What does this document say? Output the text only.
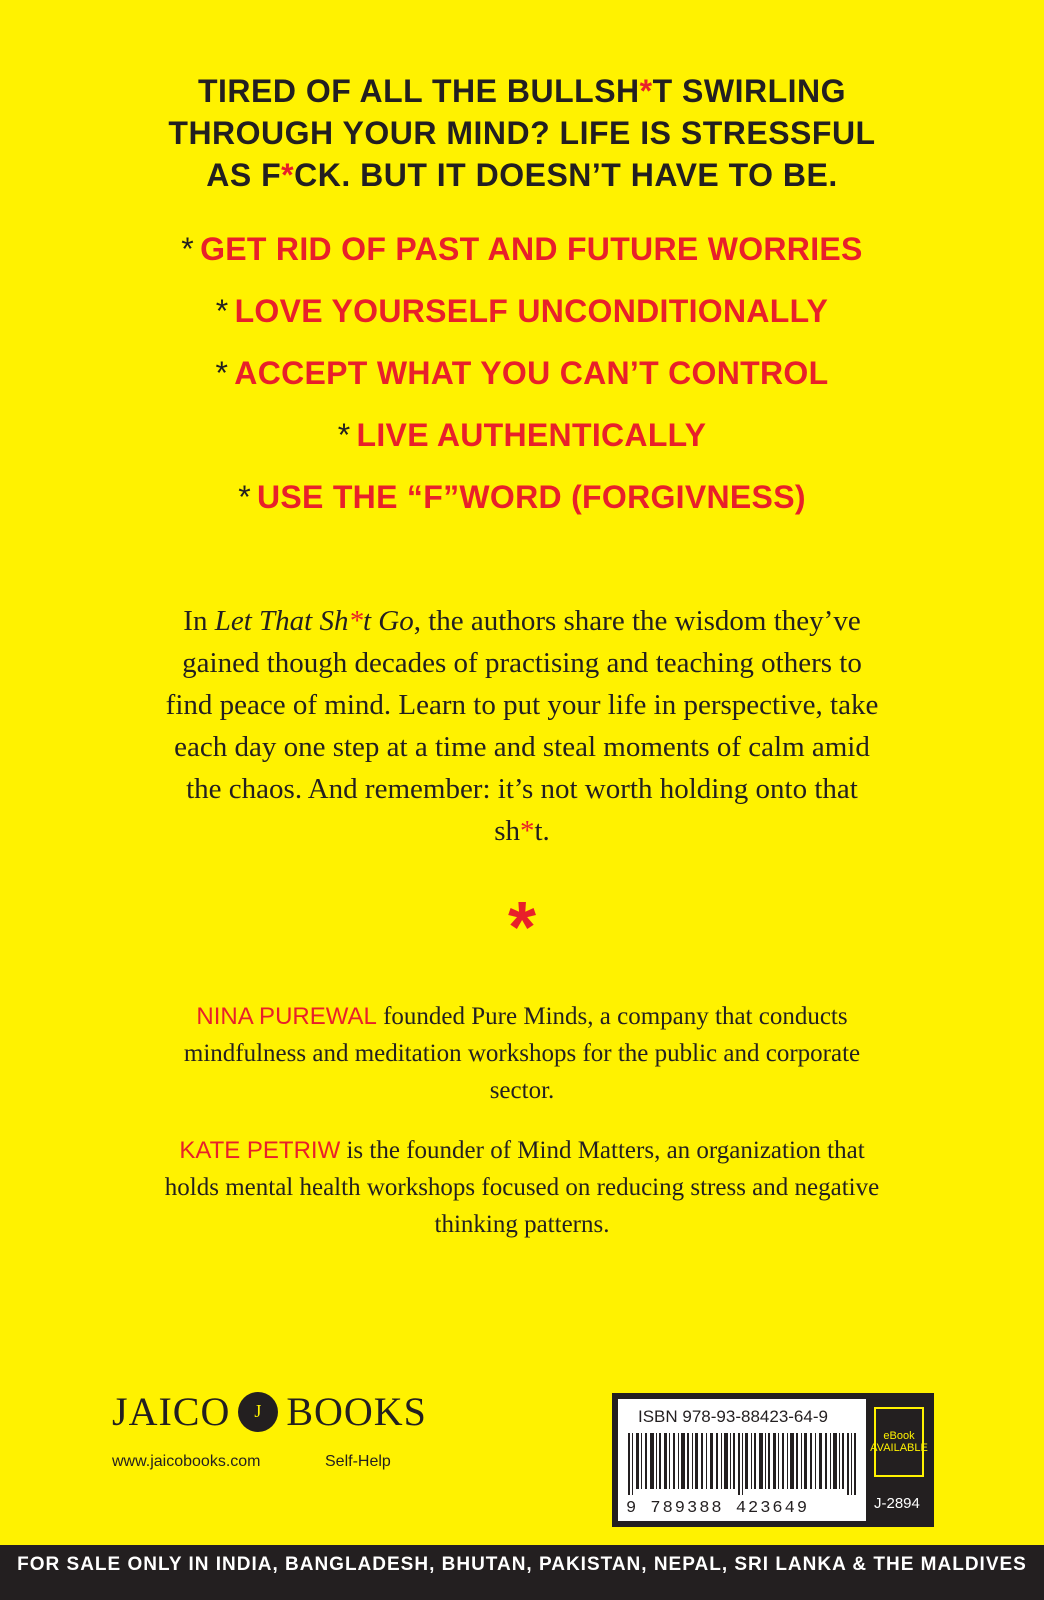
TIRED OF ALL THE BULLSH*T SWIRLING
THROUGH YOUR MIND? LIFE IS STRESSFUL
AS F*CK. BUT IT DOESN’T HAVE TO BE.
* GET RID OF PAST AND FUTURE WORRIES
* LOVE YOURSELF UNCONDITIONALLY
* ACCEPT WHAT YOU CAN’T CONTROL
* LIVE AUTHENTICALLY
* USE THE “F”WORD (FORGIVNESS)
In Let That Sh*t Go, the authors share the wisdom they’ve gained though decades of practising and teaching others to find peace of mind. Learn to put your life in perspective, take each day one step at a time and steal moments of calm amid the chaos. And remember: it’s not worth holding onto that sh*t.
*
NINA PUREWAL founded Pure Minds, a company that conducts mindfulness and meditation workshops for the public and corporate sector.
KATE PETRIW is the founder of Mind Matters, an organization that holds mental health workshops focused on reducing stress and negative thinking patterns.
JAICO	J BOOKS
www.jaicobooks.com	Self-Help
ISBN 978-93-88423-64-9
9 789388 423649
eBook AVAILABLE
J-2894
FOR SALE ONLY IN INDIA, BANGLADESH, BHUTAN, PAKISTAN, NEPAL, SRI LANKA & THE MALDIVES
